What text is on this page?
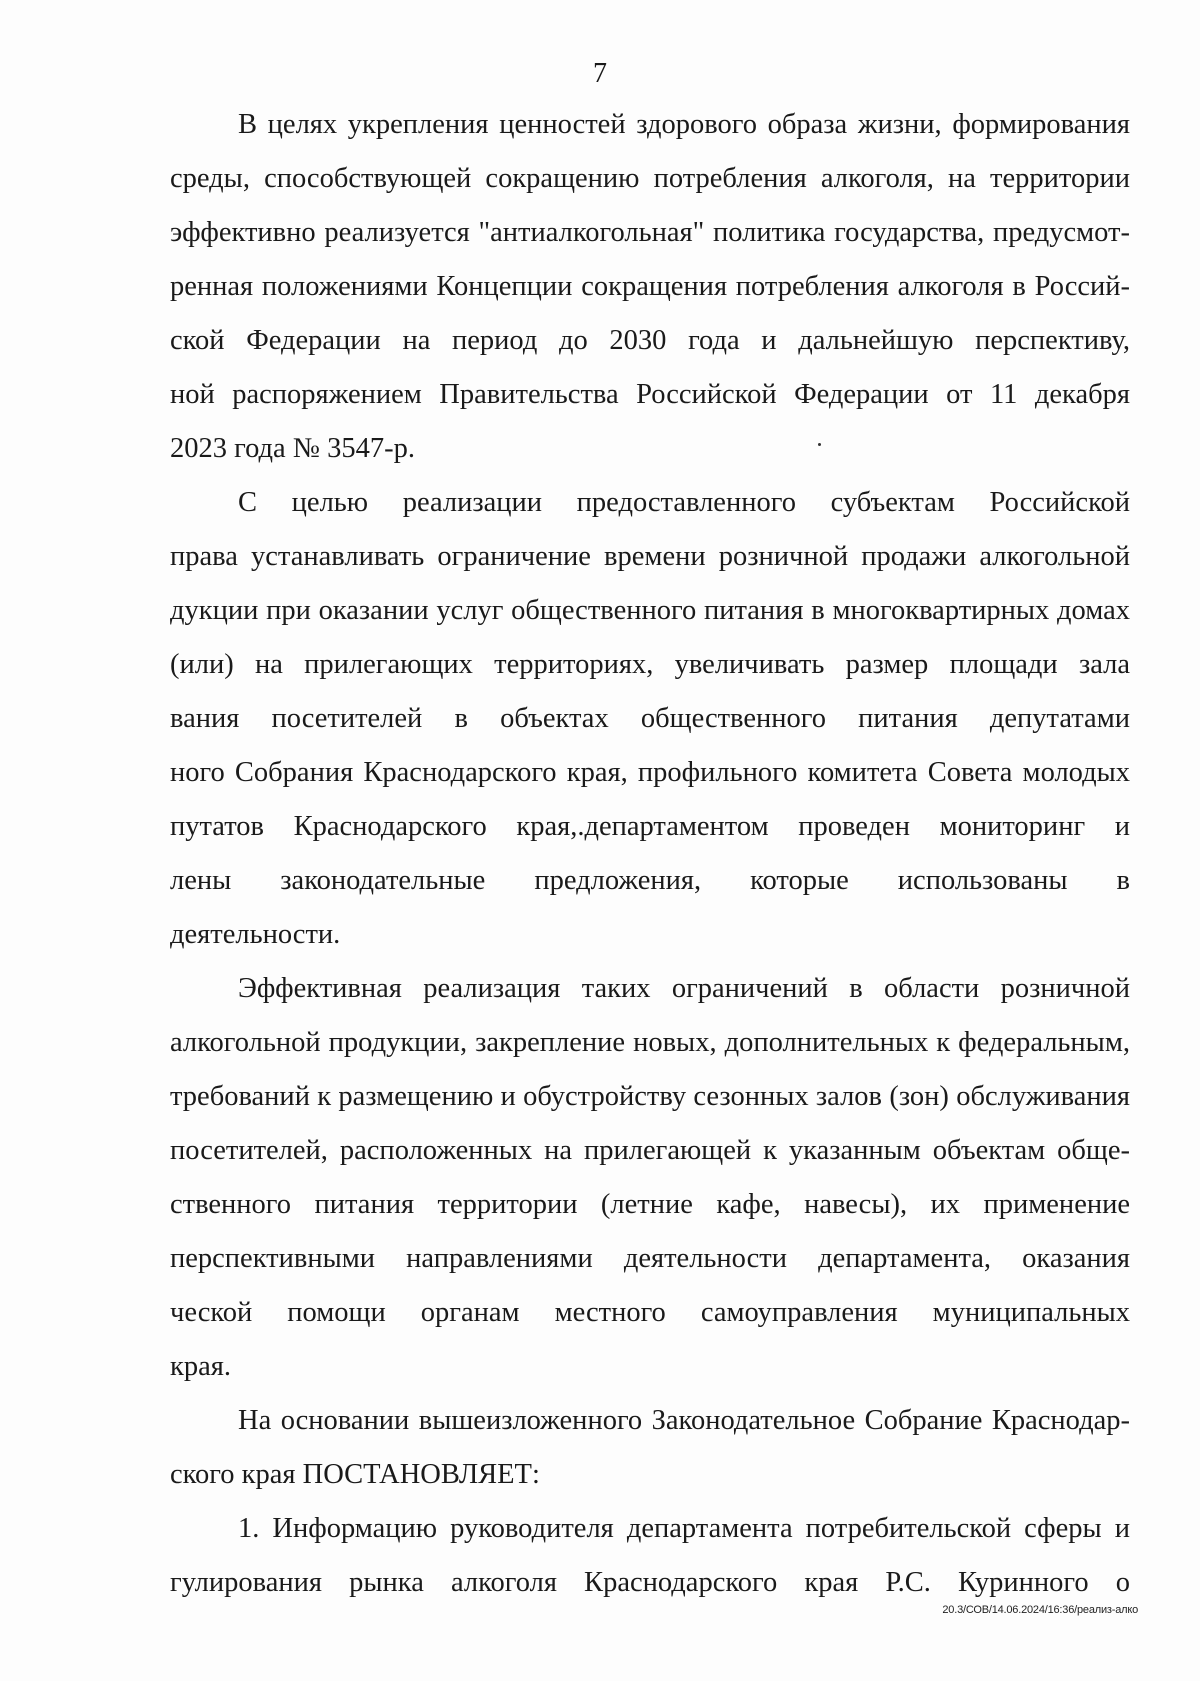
7
В целях укрепления ценностей здорового образа жизни, формирования
среды, способствующей сокращению потребления алкоголя, на территории
эффективно реализуется "антиалкогольная" политика государства, предусмот-
ренная положениями Концепции сокращения потребления алкоголя в Россий-
ской Федерации на период до 2030 года и дальнейшую перспективу,
ной распоряжением Правительства Российской Федерации от 11 декабря
2023 года № 3547-р.
С целью реализации предоставленного субъектам Российской
права устанавливать ограничение времени розничной продажи алкогольной
дукции при оказании услуг общественного питания в многоквартирных домах
(или) на прилегающих территориях, увеличивать размер площади зала
вания посетителей в объектах общественного питания депутатами
ного Собрания Краснодарского края, профильного комитета Совета молодых
путатов Краснодарского края,.департаментом проведен мониторинг и
лены законодательные предложения, которые использованы в
деятельности.
Эффективная реализация таких ограничений в области розничной
алкогольной продукции, закрепление новых, дополнительных к федеральным,
требований к размещению и обустройству сезонных залов (зон) обслуживания
посетителей, расположенных на прилегающей к указанным объектам обще-
ственного питания территории (летние кафе, навесы), их применение
перспективными направлениями деятельности департамента, оказания
ческой помощи органам местного самоуправления муниципальных
края.
На основании вышеизложенного Законодательное Собрание Краснодар-
ского края ПОСТАНОВЛЯЕТ:
1. Информацию руководителя департамента потребительской сферы и
гулирования рынка алкоголя Краснодарского края Р.С. Куринного о
20.3/СОВ/14.06.2024/16:36/реализ-алко
